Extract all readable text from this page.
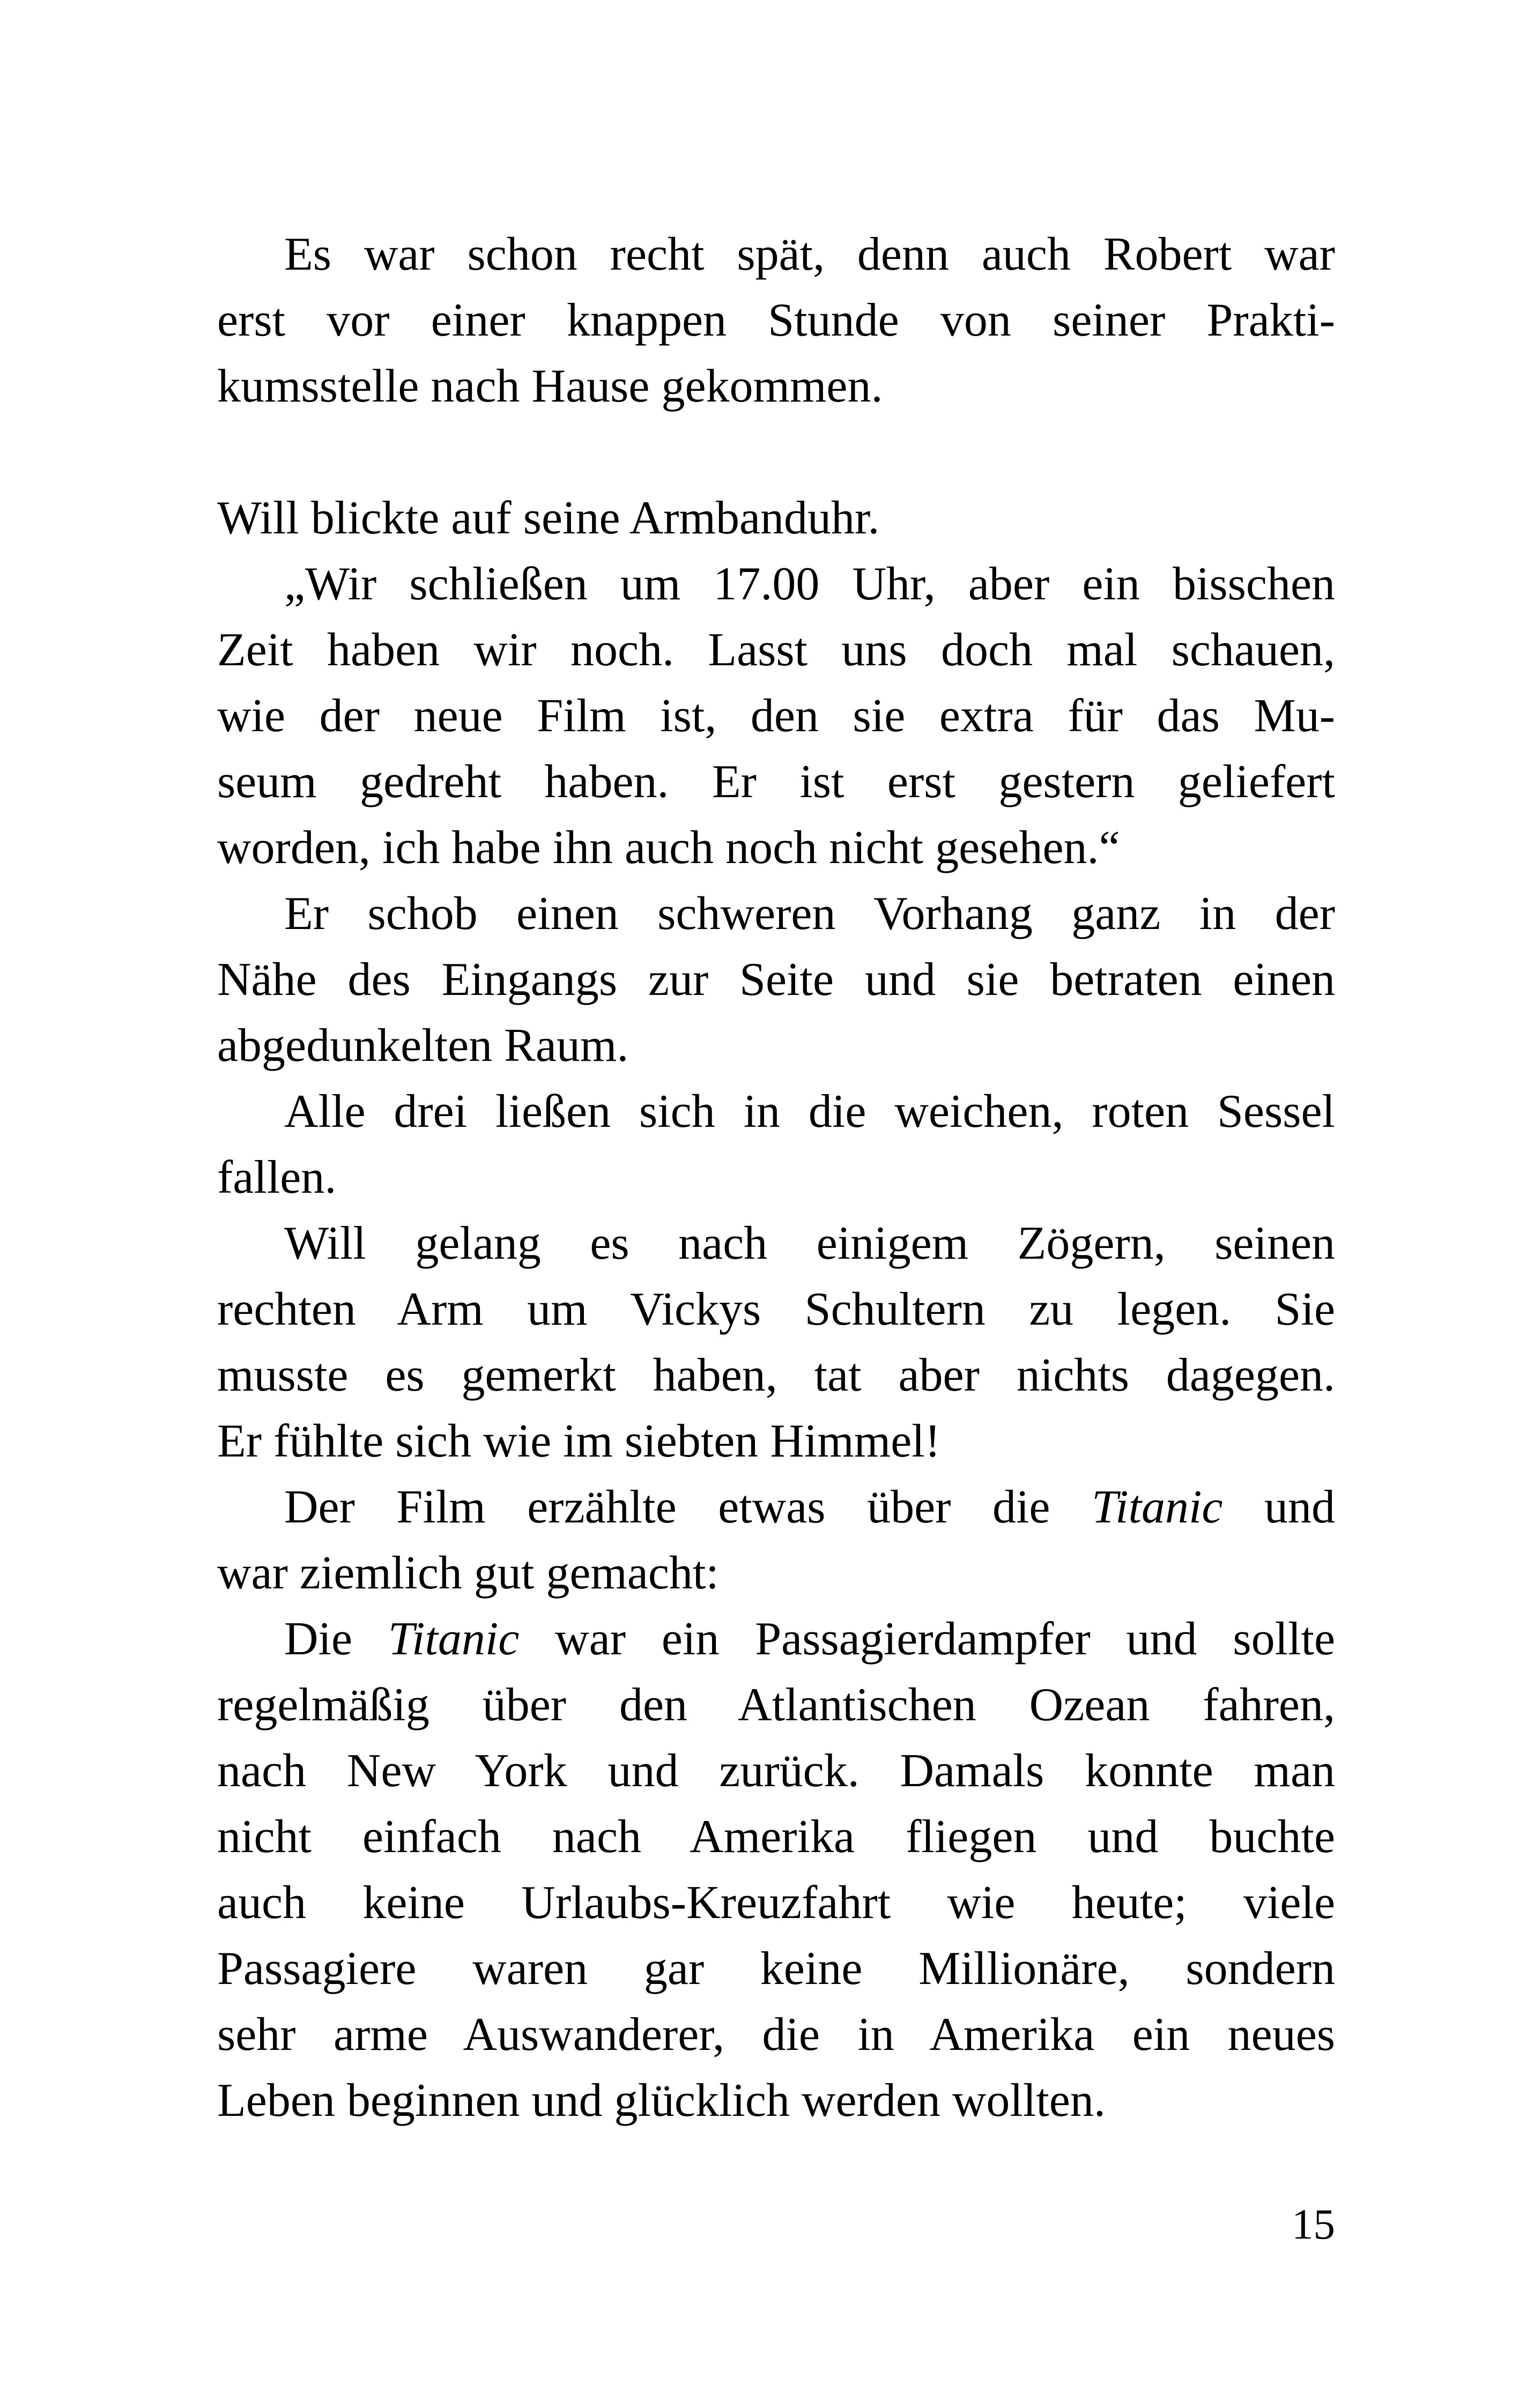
Es war schon recht spät, denn auch Robert war
erst vor einer knappen Stunde von seiner Prakti-
kumsstelle nach Hause gekommen.
Will blickte auf seine Armbanduhr.
„Wir schließen um 17.00 Uhr, aber ein bisschen
Zeit haben wir noch. Lasst uns doch mal schauen,
wie der neue Film ist, den sie extra für das Mu-
seum gedreht haben. Er ist erst gestern geliefert
worden, ich habe ihn auch noch nicht gesehen.“
Er schob einen schweren Vorhang ganz in der
Nähe des Eingangs zur Seite und sie betraten einen
abgedunkelten Raum.
Alle drei ließen sich in die weichen, roten Sessel
fallen.
Will gelang es nach einigem Zögern, seinen
rechten Arm um Vickys Schultern zu legen. Sie
musste es gemerkt haben, tat aber nichts dagegen.
Er fühlte sich wie im siebten Himmel!
Der Film erzählte etwas über die Titanic und
war ziemlich gut gemacht:
Die Titanic war ein Passagierdampfer und sollte
regelmäßig über den Atlantischen Ozean fahren,
nach New York und zurück. Damals konnte man
nicht einfach nach Amerika fliegen und buchte
auch keine Urlaubs-Kreuzfahrt wie heute; viele
Passagiere waren gar keine Millionäre, sondern
sehr arme Auswanderer, die in Amerika ein neues
Leben beginnen und glücklich werden wollten.
15
